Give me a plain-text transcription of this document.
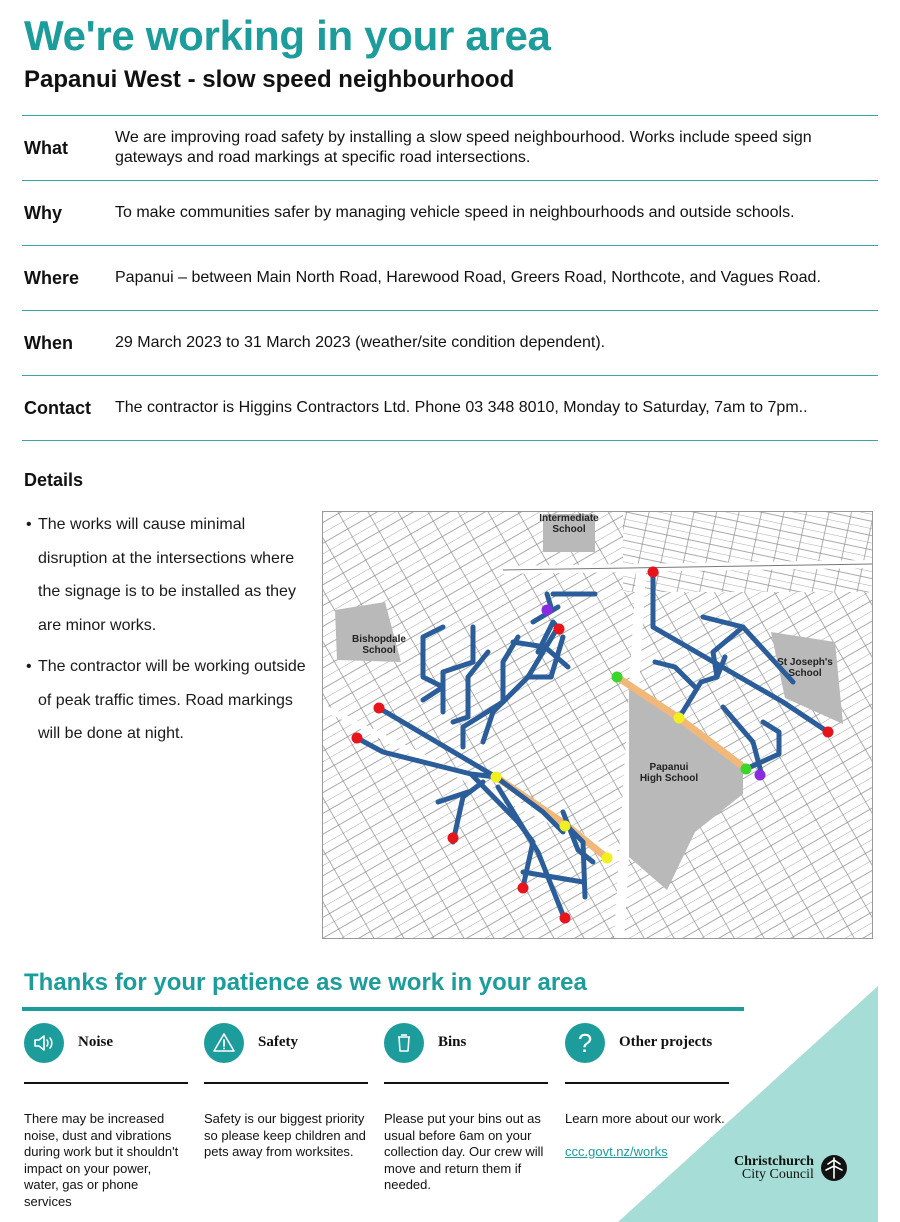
We're working in your area
Papanui West - slow speed neighbourhood
What	We are improving road safety by installing a slow speed neighbourhood. Works include speed sign gateways and road markings at specific road intersections.
Why	To make communities safer by managing vehicle speed in neighbourhoods and outside schools.
Where	Papanui – between Main North Road, Harewood Road, Greers Road, Northcote, and Vagues Road.
When	29 March 2023 to 31 March 2023 (weather/site condition dependent).
Contact	The contractor is Higgins Contractors Ltd. Phone 03 348 8010, Monday to Saturday, 7am to 7pm..
Details
• The works will cause minimal disruption at the intersections where the signage is to be installed as they are minor works.
• The contractor will be working outside of peak traffic times. Road markings will be done at night.
Intermediate School
Bishopdale School
St Joseph's School
Papanui High School
Thanks for your patience as we work in your area
Noise
There may be increased noise, dust and vibrations during work but it shouldn't impact on your power, water, gas or phone services
Safety
Safety is our biggest priority so please keep children and pets away from worksites.
Bins
Please put your bins out as usual before 6am on your collection day. Our crew will move and return them if needed.
? Other projects
Learn more about our work.
ccc.govt.nz/works
Christchurch
City Council
